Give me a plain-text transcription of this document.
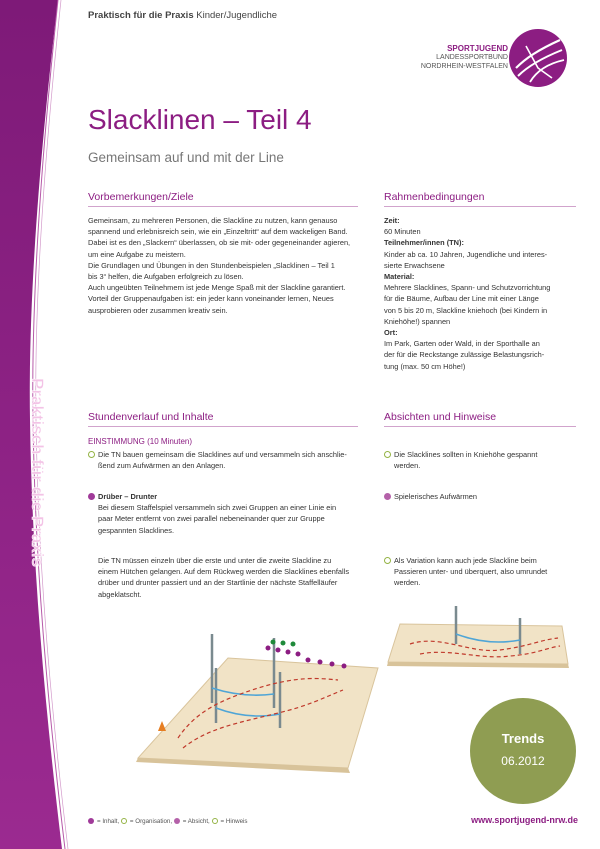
Praktisch für die Praxis
Praktisch für die Praxis Kinder/Jugendliche
SPORTJUGEND
LANDESSPORTBUND
NORDRHEIN-WESTFALEN
Slacklinen – Teil 4
Gemeinsam auf und mit der Line
Vorbemerkungen/Ziele
Gemeinsam, zu mehreren Personen, die Slackline zu nutzen, kann genauso
spannend und erlebnisreich sein, wie ein „Einzeltritt“ auf dem wackeligen Band.
Dabei ist es den „Slackern“ überlassen, ob sie mit- oder gegeneinander agieren,
um eine Aufgabe zu meistern.
Die Grundlagen und Übungen in den Stundenbeispielen „Slacklinen – Teil 1
bis 3“ helfen, die Aufgaben erfolgreich zu lösen.
Auch ungeübten Teilnehmern ist jede Menge Spaß mit der Slackline garantiert.
Vorteil der Gruppenaufgaben ist: ein jeder kann voneinander lernen, Neues
ausprobieren oder zusammen kreativ sein.
Rahmenbedingungen
Zeit:
60 Minuten
Teilnehmer/innen (TN):
Kinder ab ca. 10 Jahren, Jugendliche und interes-
sierte Erwachsene
Material:
Mehrere Slacklines, Spann- und Schutzvorrichtung
für die Bäume, Aufbau der Line mit einer Länge
von 5 bis 20 m, Slackline kniehoch (bei Kindern in
Kniehöhe!) spannen
Ort:
Im Park, Garten oder Wald, in der Sporthalle an
der für die Reckstange zulässige Belastungsrich-
tung (max. 50 cm Höhe!)
Stundenverlauf und Inhalte
EINSTIMMUNG (10 Minuten)
Die TN bauen gemeinsam die Slacklines auf und versammeln sich anschlie-
ßend zum Aufwärmen an den Anlagen.
Drüber – Drunter
Bei diesem Staffelspiel versammeln sich zwei Gruppen an einer Linie ein
paar Meter entfernt von zwei parallel nebeneinander quer zur Gruppe
gespannten Slacklines.
Die TN müssen einzeln über die erste und unter die zweite Slackline zu
einem Hütchen gelangen. Auf dem Rückweg werden die Slacklines ebenfalls
drüber und drunter passiert und an der Startlinie der nächste Staffelläufer
abgeklatscht.
Absichten und Hinweise
Die Slacklines sollten in Kniehöhe gespannt
werden.
Spielerisches Aufwärmen
Als Variation kann auch jede Slackline beim
Passieren unter- und überquert, also umrundet
werden.
Trends
06.2012
= Inhalt, = Organisation, = Absicht, = Hinweis	www.sportjugend-nrw.de
